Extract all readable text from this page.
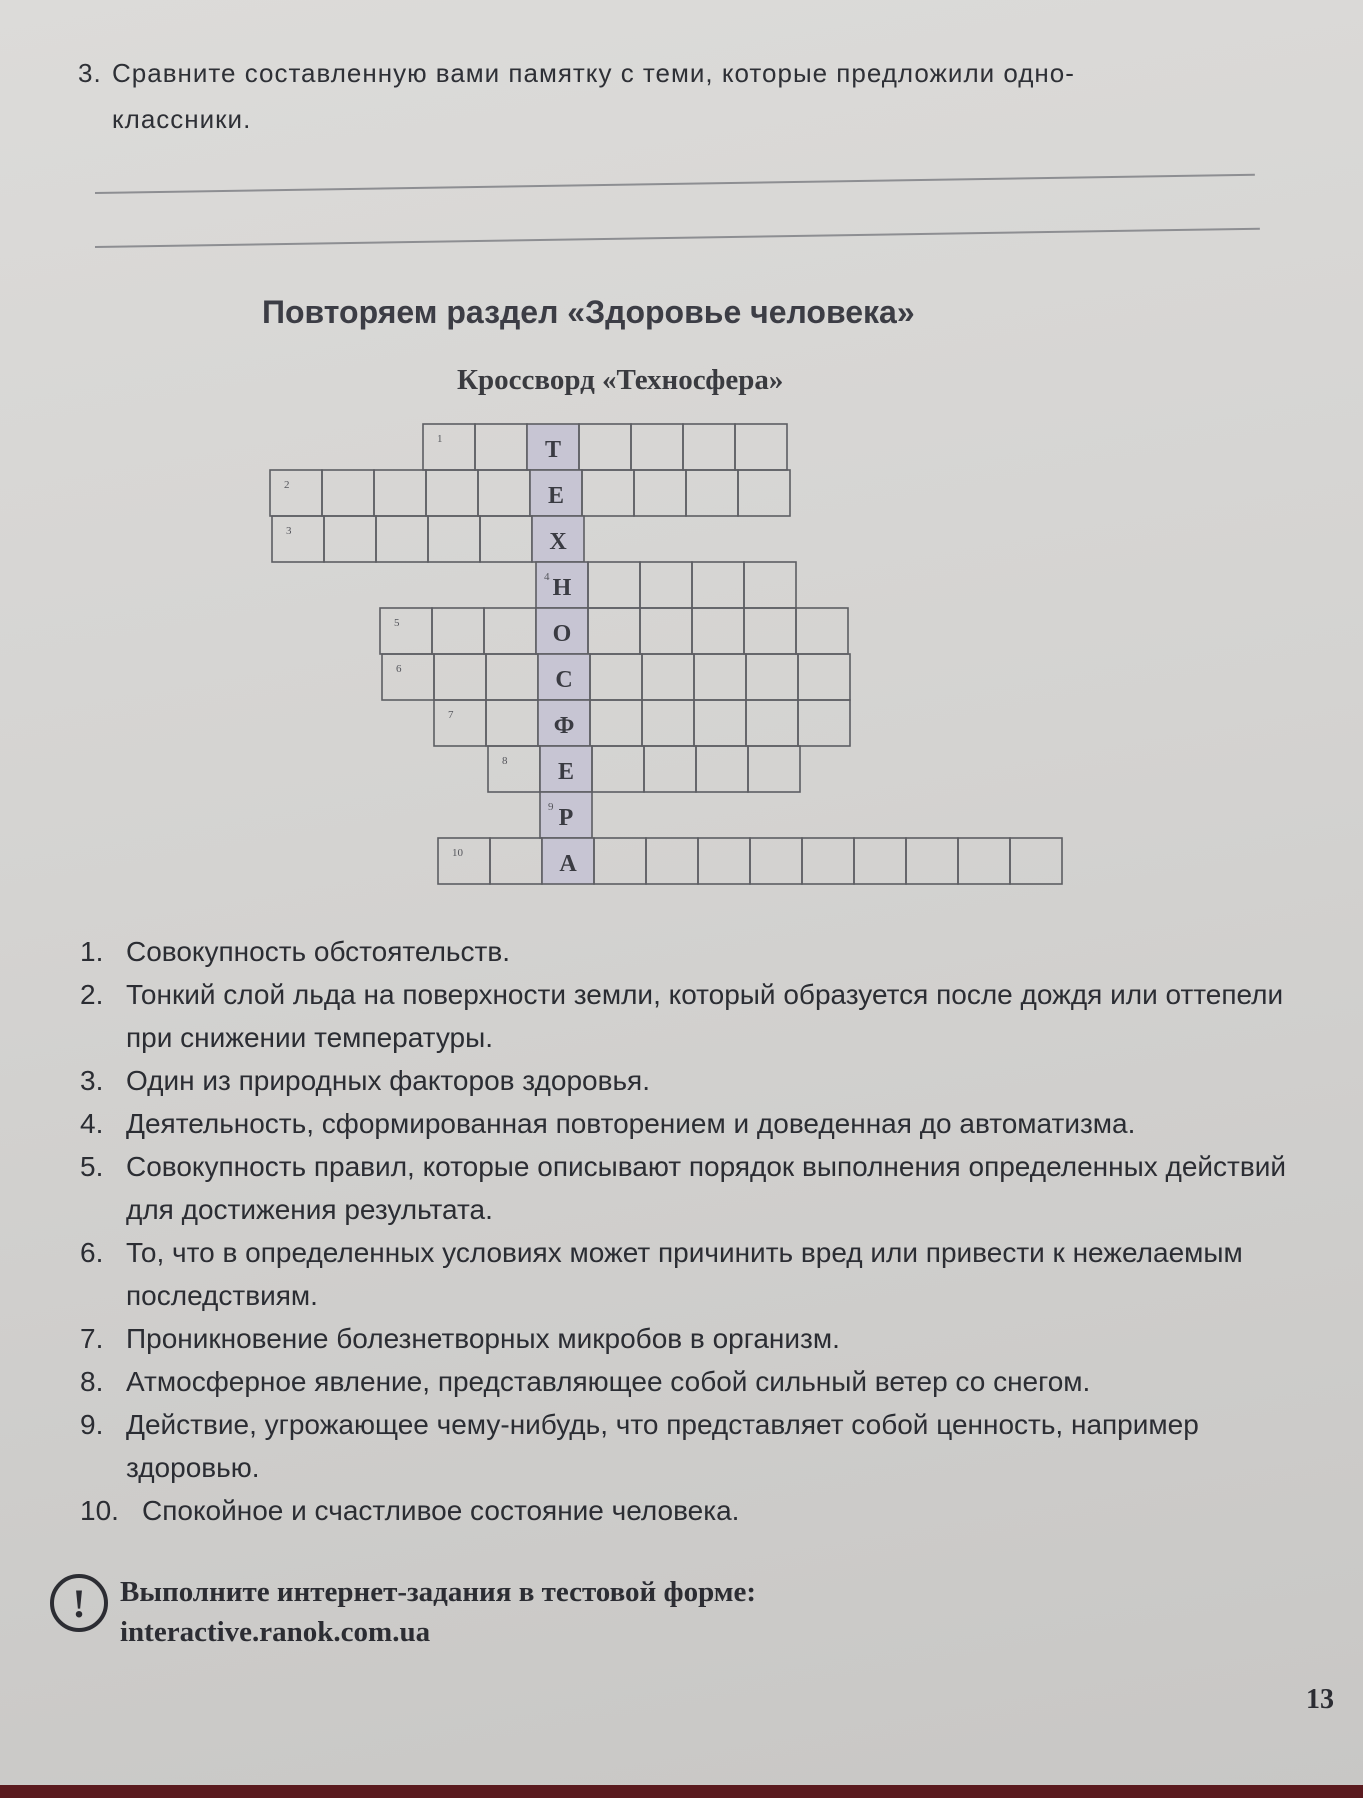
3. Сравните составленную вами памятку с теми, которые предложили одно-
классники.
Повторяем раздел «Здоровье человека»
Кроссворд «Техносфера»
1	Т
2	Е
3	Х
4 Н
5	О
6	С
7	Ф
8 Е
9 Р
10	А
1. Совокупность обстоятельств.
2. Тонкий слой льда на поверхности земли, который образуется после дождя или оттепели при снижении температуры.
3. Один из природных факторов здоровья.
4. Деятельность, сформированная повторением и доведенная до автоматизма.
5. Совокупность правил, которые описывают порядок выполнения определенных действий для достижения результата.
6. То, что в определенных условиях может причинить вред или привести к нежелаемым последствиям.
7. Проникновение болезнетворных микробов в организм.
8. Атмосферное явление, представляющее собой сильный ветер со снегом.
9. Действие, угрожающее чему-нибудь, что представляет собой ценность, например здоровью.
10. Спокойное и счастливое состояние человека.
!	Выполните интернет-задания в тестовой форме:
interactive.ranok.com.ua
13
